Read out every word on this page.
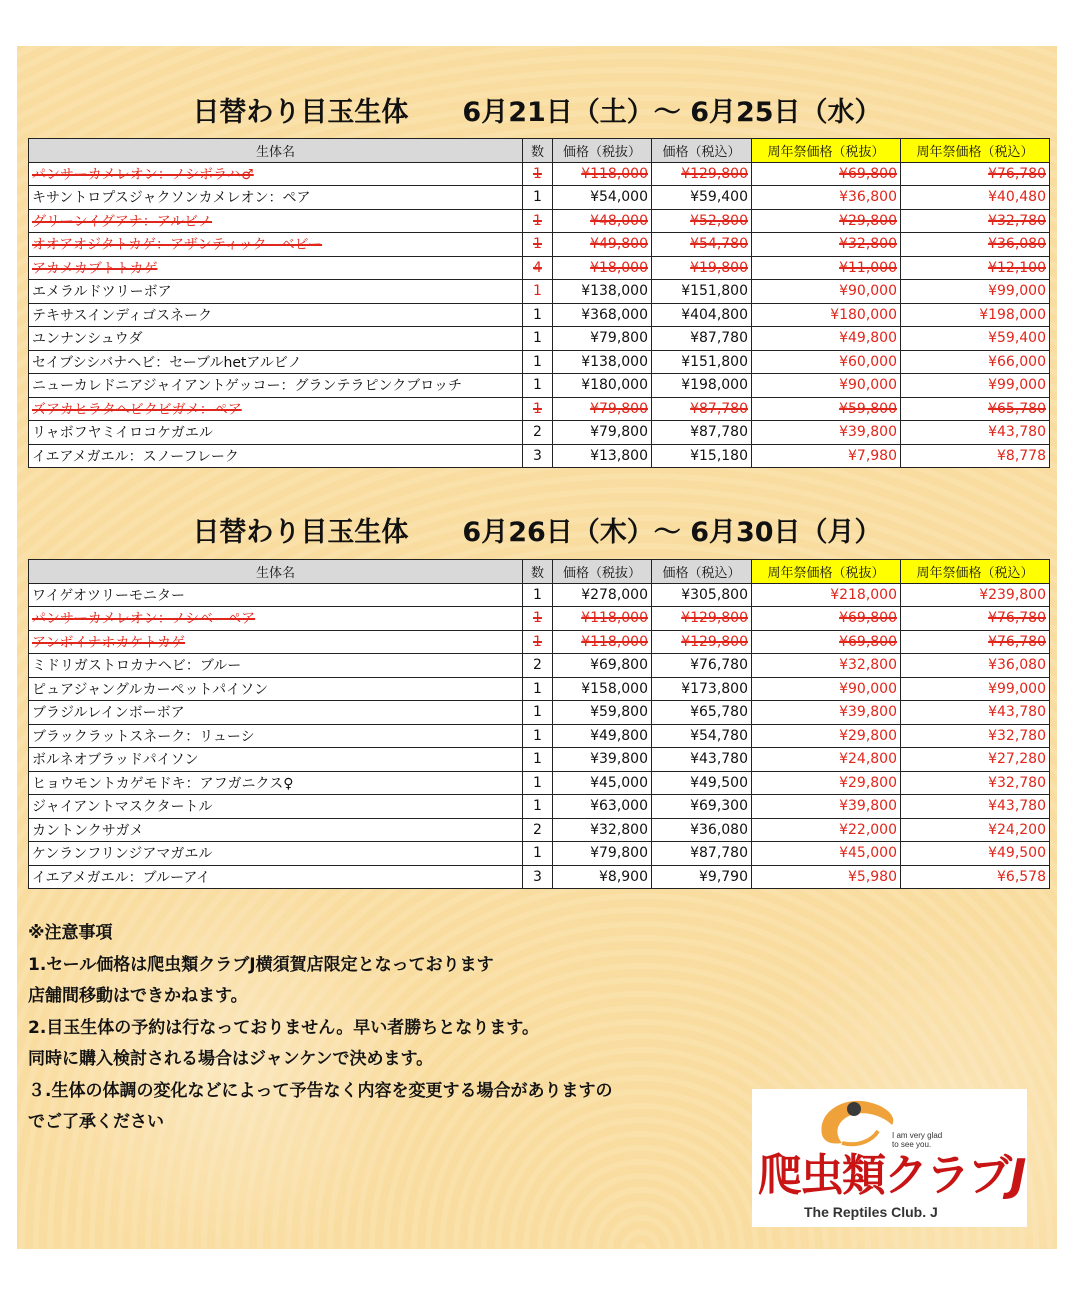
日替わり目玉生体　　6月21日（土）～ 6月25日（水）
生体名	数	価格（税抜）	価格（税込）	周年祭価格（税抜）	周年祭価格（税込）
パンサーカメレオン：ノシボラハ♂	1	¥118,000	¥129,800	¥69,800	¥76,780
キサントロプスジャクソンカメレオン：ペア	1	¥54,000	¥59,400	¥36,800	¥40,480
グリーンイグアナ：アルビノ	1	¥48,000	¥52,800	¥29,800	¥32,780
オオアオジタトカゲ：アザンティック　ベビー	1	¥49,800	¥54,780	¥32,800	¥36,080
アカメカブトトカゲ	4	¥18,000	¥19,800	¥11,000	¥12,100
エメラルドツリーボア	1	¥138,000	¥151,800	¥90,000	¥99,000
テキサスインディゴスネーク	1	¥368,000	¥404,800	¥180,000	¥198,000
ユンナンシュウダ	1	¥79,800	¥87,780	¥49,800	¥59,400
セイブシシバナヘビ：セーブルhetアルビノ	1	¥138,000	¥151,800	¥60,000	¥66,000
ニューカレドニアジャイアントゲッコー：グランテラピンクブロッチ	1	¥180,000	¥198,000	¥90,000	¥99,000
ズアカヒラタヘビクビガメ：ペア	1	¥79,800	¥87,780	¥59,800	¥65,780
リャボフヤミイロコケガエル	2	¥79,800	¥87,780	¥39,800	¥43,780
イエアメガエル：スノーフレーク	3	¥13,800	¥15,180	¥7,980	¥8,778
日替わり目玉生体　　6月26日（木）～ 6月30日（月）
生体名	数	価格（税抜）	価格（税込）	周年祭価格（税抜）	周年祭価格（税込）
ワイゲオツリーモニター	1	¥278,000	¥305,800	¥218,000	¥239,800
パンサーカメレオン：ノシベ　ペア	1	¥118,000	¥129,800	¥69,800	¥76,780
アンボイナホカケトカゲ	1	¥118,000	¥129,800	¥69,800	¥76,780
ミドリガストロカナヘビ：ブルー	2	¥69,800	¥76,780	¥32,800	¥36,080
ピュアジャングルカーペットパイソン	1	¥158,000	¥173,800	¥90,000	¥99,000
ブラジルレインボーボア	1	¥59,800	¥65,780	¥39,800	¥43,780
ブラックラットスネーク：リューシ	1	¥49,800	¥54,780	¥29,800	¥32,780
ボルネオブラッドパイソン	1	¥39,800	¥43,780	¥24,800	¥27,280
ヒョウモントカゲモドキ：アフガニクス♀	1	¥45,000	¥49,500	¥29,800	¥32,780
ジャイアントマスクタートル	1	¥63,000	¥69,300	¥39,800	¥43,780
カントンクサガメ	2	¥32,800	¥36,080	¥22,000	¥24,200
ケンランフリンジアマガエル	1	¥79,800	¥87,780	¥45,000	¥49,500
イエアメガエル：ブルーアイ	3	¥8,900	¥9,790	¥5,980	¥6,578
※注意事項
1.セール価格は爬虫類クラブJ横須賀店限定となっております
店舗間移動はできかねます。
2.目玉生体の予約は行なっておりません。早い者勝ちとなります。
同時に購入検討される場合はジャンケンで決めます。
３.生体の体調の変化などによって予告なく内容を変更する場合がありますの
でご了承ください
I am very glad
to see you.
爬虫類クラブJ
The Reptiles Club. J
